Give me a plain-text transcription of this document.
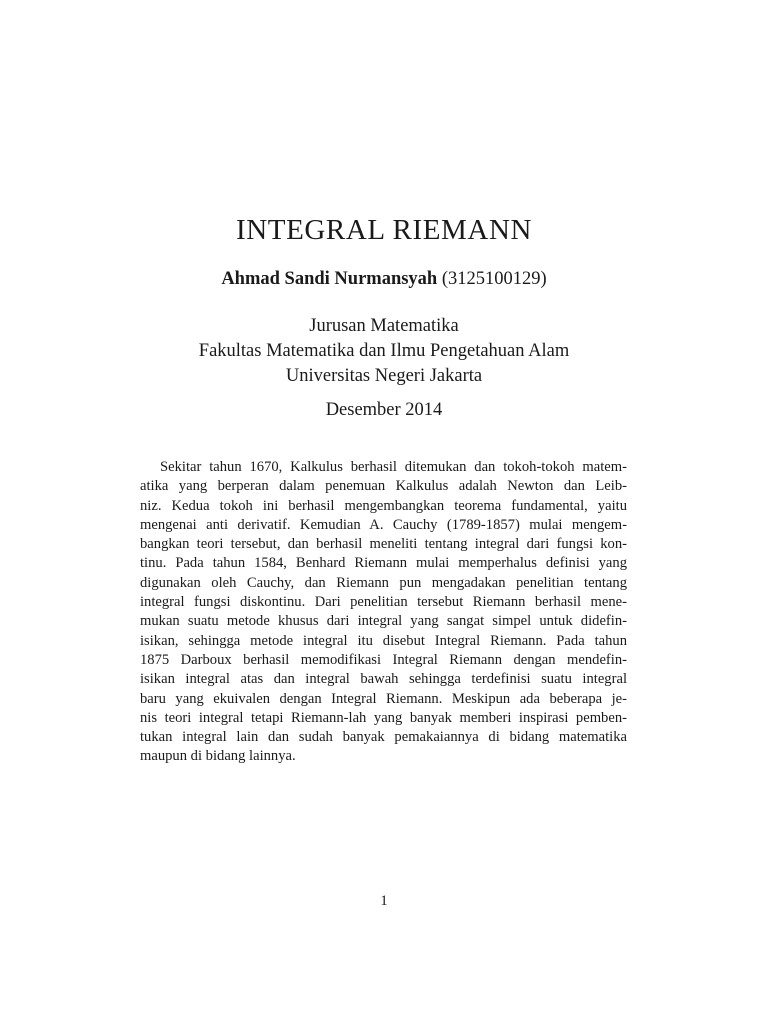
INTEGRAL RIEMANN
Ahmad Sandi Nurmansyah (3125100129)
Jurusan Matematika
Fakultas Matematika dan Ilmu Pengetahuan Alam
Universitas Negeri Jakarta
Desember 2014
Sekitar tahun 1670, Kalkulus berhasil ditemukan dan tokoh-tokoh matem-
atika yang berperan dalam penemuan Kalkulus adalah Newton dan Leib-
niz. Kedua tokoh ini berhasil mengembangkan teorema fundamental, yaitu
mengenai anti derivatif. Kemudian A. Cauchy (1789-1857) mulai mengem-
bangkan teori tersebut, dan berhasil meneliti tentang integral dari fungsi kon-
tinu. Pada tahun 1584, Benhard Riemann mulai memperhalus definisi yang
digunakan oleh Cauchy, dan Riemann pun mengadakan penelitian tentang
integral fungsi diskontinu. Dari penelitian tersebut Riemann berhasil mene-
mukan suatu metode khusus dari integral yang sangat simpel untuk didefin-
isikan, sehingga metode integral itu disebut Integral Riemann. Pada tahun
1875 Darboux berhasil memodifikasi Integral Riemann dengan mendefin-
isikan integral atas dan integral bawah sehingga terdefinisi suatu integral
baru yang ekuivalen dengan Integral Riemann. Meskipun ada beberapa je-
nis teori integral tetapi Riemann-lah yang banyak memberi inspirasi pemben-
tukan integral lain dan sudah banyak pemakaiannya di bidang matematika
maupun di bidang lainnya.
1
